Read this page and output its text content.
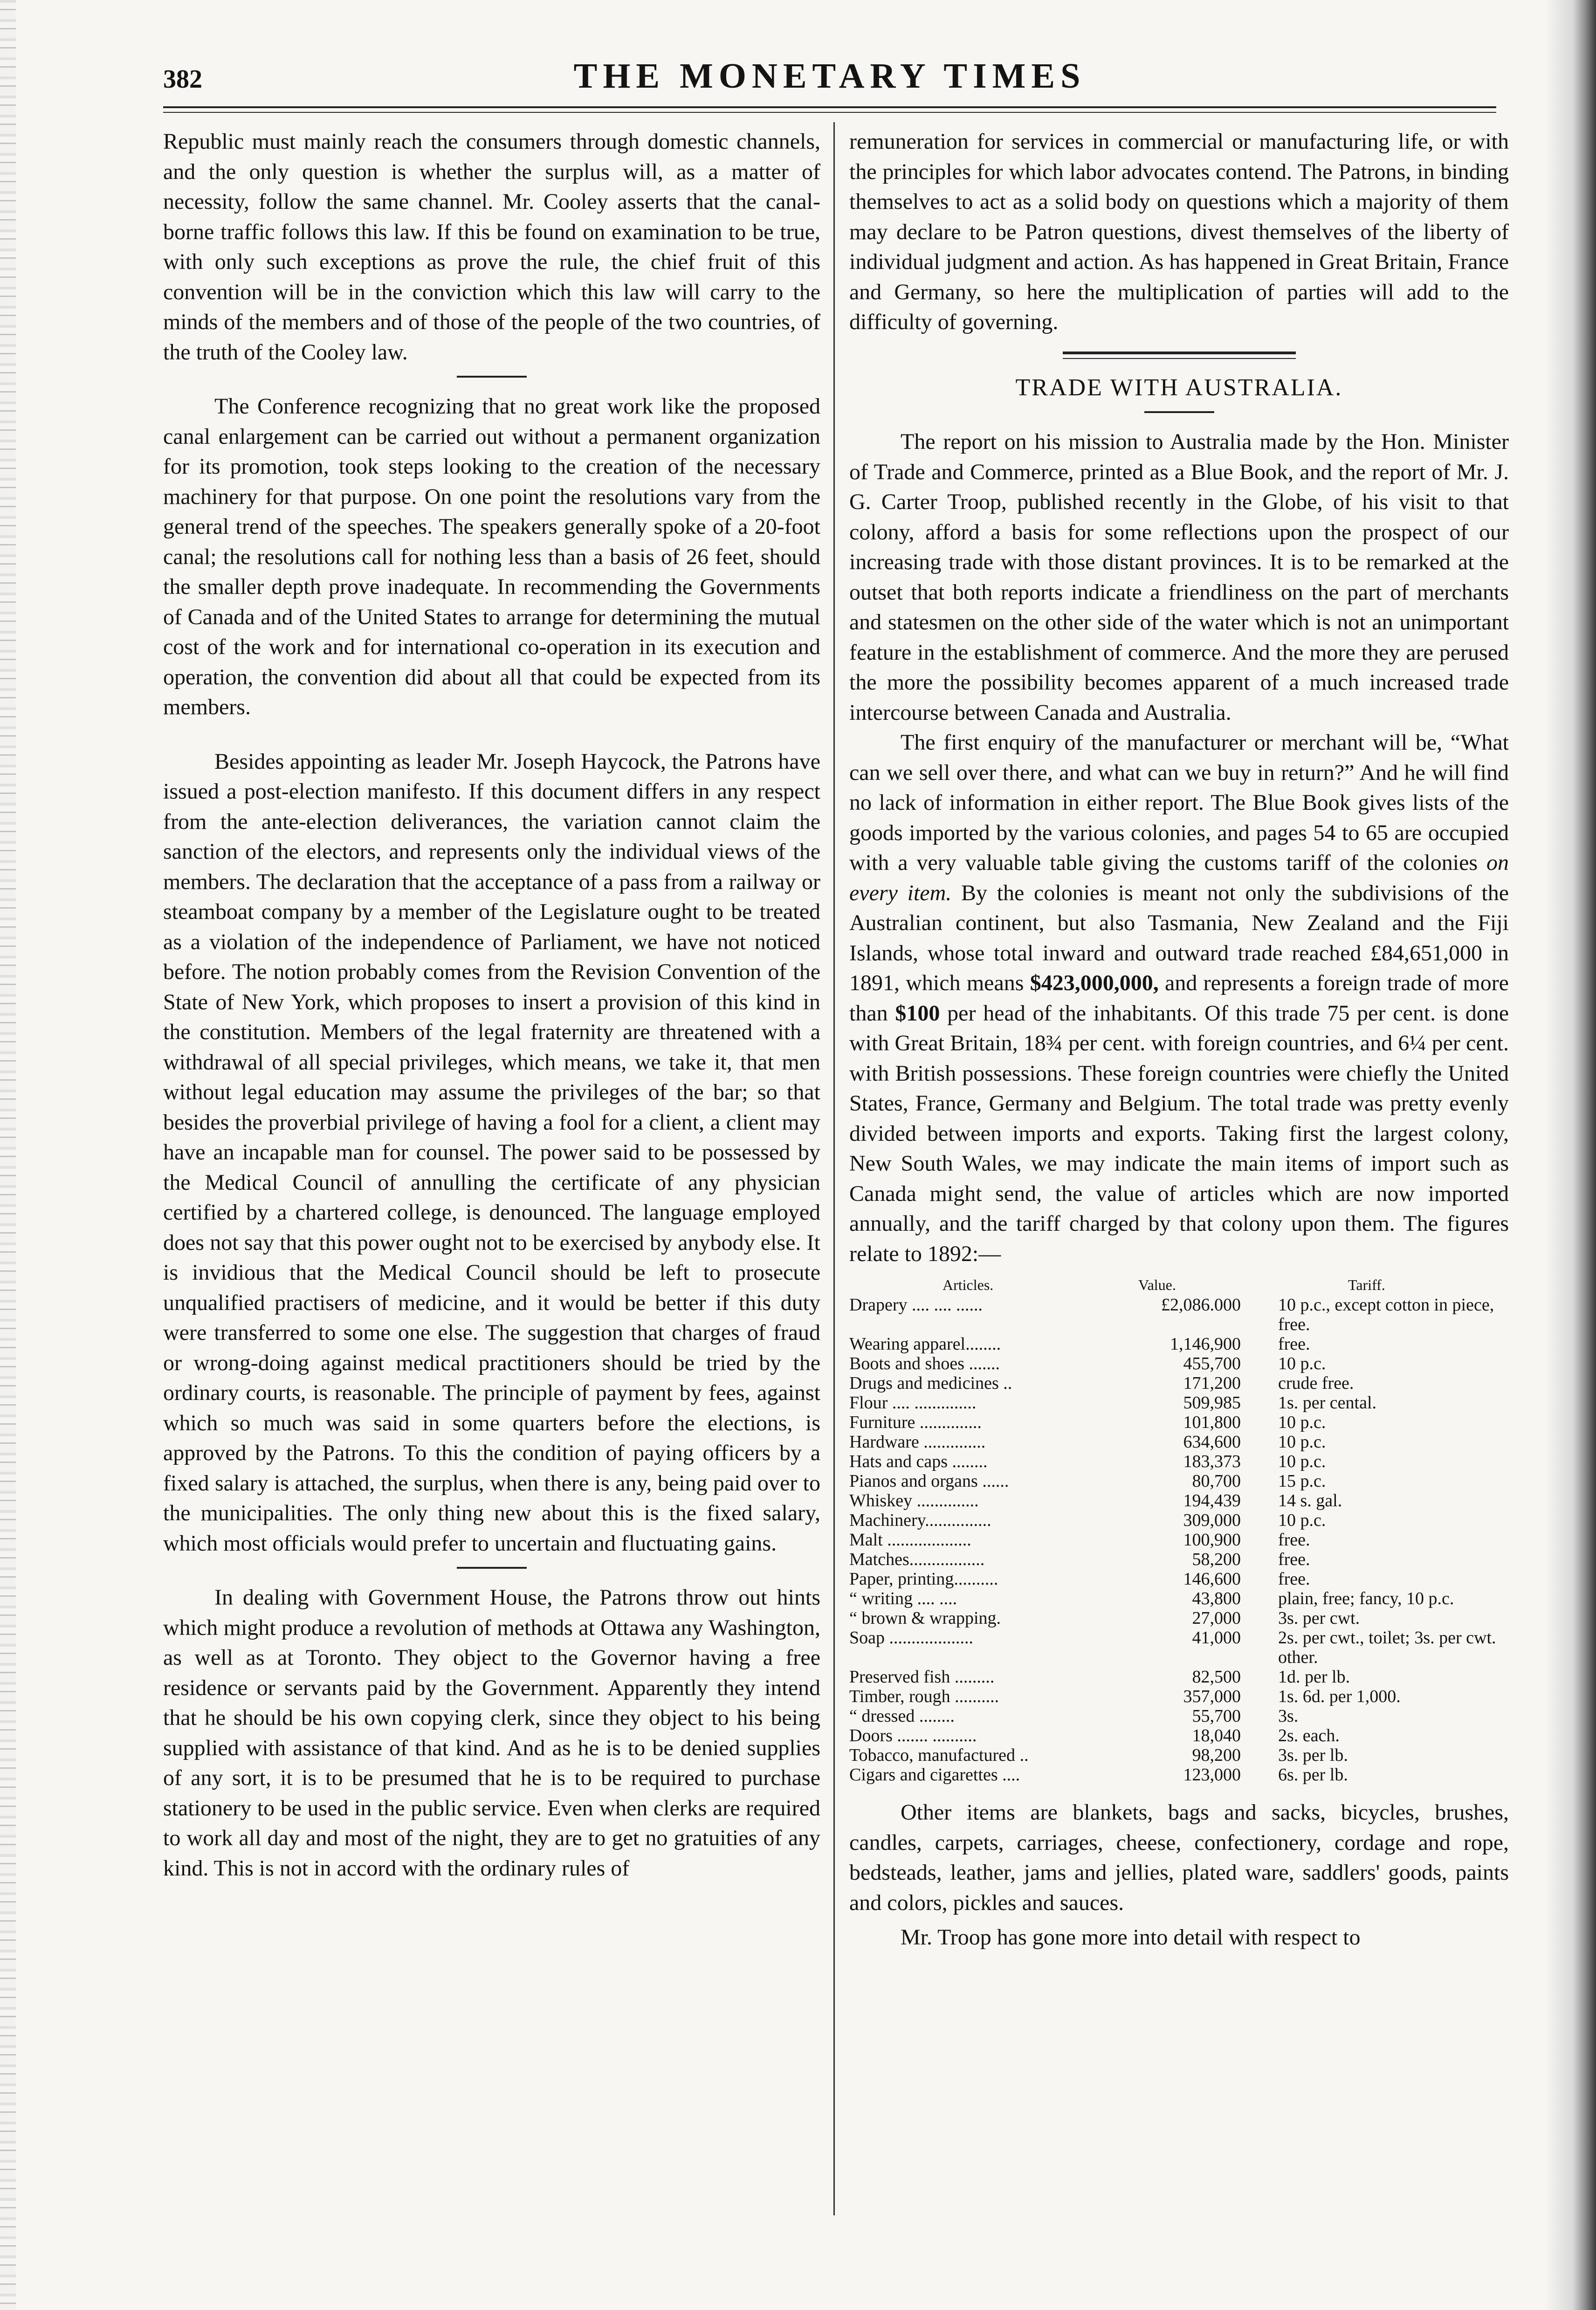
382	THE MONETARY TIMES

Republic must mainly reach the consumers through domestic channels, and the only question is whether the surplus will, as a matter of necessity, follow the same channel. Mr. Cooley asserts that the canal-borne traffic follows this law. If this be found on examination to be true, with only such exceptions as prove the rule, the chief fruit of this convention will be in the conviction which this law will carry to the minds of the members and of those of the people of the two countries, of the truth of the Cooley law.

The Conference recognizing that no great work like the proposed canal enlargement can be carried out without a permanent organization for its promotion, took steps looking to the creation of the necessary machinery for that purpose. On one point the resolutions vary from the general trend of the speeches. The speakers generally spoke of a 20-foot canal; the resolutions call for nothing less than a basis of 26 feet, should the smaller depth prove inadequate. In recommending the Governments of Canada and of the United States to arrange for determining the mutual cost of the work and for international co-operation in its execution and operation, the convention did about all that could be expected from its members.

Besides appointing as leader Mr. Joseph Haycock, the Patrons have issued a post-election manifesto. If this document differs in any respect from the ante-election deliverances, the variation cannot claim the sanction of the electors, and represents only the individual views of the members. The declaration that the acceptance of a pass from a railway or steamboat company by a member of the Legislature ought to be treated as a violation of the independence of Parliament, we have not noticed before. The notion probably comes from the Revision Convention of the State of New York, which proposes to insert a provision of this kind in the constitution. Members of the legal fraternity are threatened with a withdrawal of all special privileges, which means, we take it, that men without legal education may assume the privileges of the bar; so that besides the proverbial privilege of having a fool for a client, a client may have an incapable man for counsel. The power said to be possessed by the Medical Council of annulling the certificate of any physician certified by a chartered college, is denounced. The language employed does not say that this power ought not to be exercised by anybody else. It is invidious that the Medical Council should be left to prosecute unqualified practisers of medicine, and it would be better if this duty were transferred to some one else. The suggestion that charges of fraud or wrong-doing against medical practitioners should be tried by the ordinary courts, is reasonable. The principle of payment by fees, against which so much was said in some quarters before the elections, is approved by the Patrons. To this the condition of paying officers by a fixed salary is attached, the surplus, when there is any, being paid over to the municipalities. The only thing new about this is the fixed salary, which most officials would prefer to uncertain and fluctuating gains.

In dealing with Government House, the Patrons throw out hints which might produce a revolution of methods at Ottawa any Washington, as well as at Toronto. They object to the Governor having a free residence or servants paid by the Government. Apparently they intend that he should be his own copying clerk, since they object to his being supplied with assistance of that kind. And as he is to be denied supplies of any sort, it is to be presumed that he is to be required to purchase stationery to be used in the public service. Even when clerks are required to work all day and most of the night, they are to get no gratuities of any kind. This is not in accord with the ordinary rules of

remuneration for services in commercial or manufacturing life, or with the principles for which labor advocates contend. The Patrons, in binding themselves to act as a solid body on questions which a majority of them may declare to be Patron questions, divest themselves of the liberty of individual judgment and action. As has happened in Great Britain, France and Germany, so here the multiplication of parties will add to the difficulty of governing.

TRADE WITH AUSTRALIA.

The report on his mission to Australia made by the Hon. Minister of Trade and Commerce, printed as a Blue Book, and the report of Mr. J. G. Carter Troop, published recently in the Globe, of his visit to that colony, afford a basis for some reflections upon the prospect of our increasing trade with those distant provinces. It is to be remarked at the outset that both reports indicate a friendliness on the part of merchants and statesmen on the other side of the water which is not an unimportant feature in the establishment of commerce. And the more they are perused the more the possibility becomes apparent of a much increased trade intercourse between Canada and Australia.

The first enquiry of the manufacturer or merchant will be, “What can we sell over there, and what can we buy in return?” And he will find no lack of information in either report. The Blue Book gives lists of the goods imported by the various colonies, and pages 54 to 65 are occupied with a very valuable table giving the customs tariff of the colonies on every item. By the colonies is meant not only the subdivisions of the Australian continent, but also Tasmania, New Zealand and the Fiji Islands, whose total inward and outward trade reached £84,651,000 in 1891, which means $423,000,000, and represents a foreign trade of more than $100 per head of the inhabitants. Of this trade 75 per cent. is done with Great Britain, 18¾ per cent. with foreign countries, and 6¼ per cent. with British possessions. These foreign countries were chiefly the United States, France, Germany and Belgium. The total trade was pretty evenly divided between imports and exports. Taking first the largest colony, New South Wales, we may indicate the main items of import such as Canada might send, the value of articles which are now imported annually, and the tariff charged by that colony upon them. The figures relate to 1892:—

Articles.	Value.	Tariff.
Drapery .... .... ......	£2,086.000	10 p.c., except cotton in piece, free.
Wearing apparel........	1,146,900	free.
Boots and shoes .......	455,700	10 p.c.
Drugs and medicines ..	171,200	crude free.
Flour .... ..............	509,985	1s. per cental.
Furniture ..............	101,800	10 p.c.
Hardware ..............	634,600	10 p.c.
Hats and caps ........	183,373	10 p.c.
Pianos and organs ......	80,700	15 p.c.
Whiskey ..............	194,439	14 s. gal.
Machinery...............	309,000	10 p.c.
Malt ...................	100,900	free.
Matches.................	58,200	free.
Paper, printing..........	146,600	free.
“ writing .... ....	43,800	plain, free; fancy, 10 p.c.
“ brown & wrapping.	27,000	3s. per cwt.
Soap ...................	41,000	2s. per cwt., toilet; 3s. per cwt. other.
Preserved fish .........	82,500	1d. per lb.
Timber, rough ..........	357,000	1s. 6d. per 1,000.
“ dressed ........	55,700	3s.
Doors ....... ..........	18,040	2s. each.
Tobacco, manufactured ..	98,200	3s. per lb.
Cigars and cigarettes ....	123,000	6s. per lb.

Other items are blankets, bags and sacks, bicycles, brushes, candles, carpets, carriages, cheese, confectionery, cordage and rope, bedsteads, leather, jams and jellies, plated ware, saddlers' goods, paints and colors, pickles and sauces.

Mr. Troop has gone more into detail with respect to
